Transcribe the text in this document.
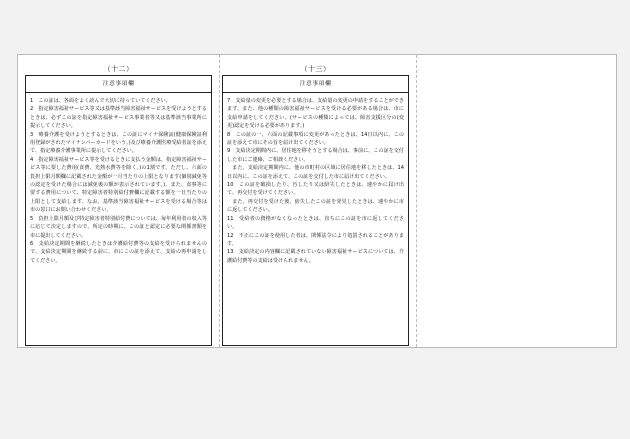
（十二）
注意事項欄

1　この証は、各面をよく読んで大切に持っていてください。

2　指定障害福祉サービス等又は基準該当障害福祉サービスを受けようとするときは、必ずこの証を指定障害福祉サービス事業者等又は基準該当事業所に提示してください。

3　療養介護を受けようとするときは、この証にマイナ保険証(健康保険証利用登録がされたマイナンバーカードをいう。)及び療養介護医療受給者証を添えて、指定療養介護事業所に提示してください。

4　指定障害福祉サービス等を受けるときに支払う金額は、指定障害福祉サービス等に要した費用(食費、光熱水費等を除く。)の1割です。ただし、六面の負担上限月額欄に記載された金額が一月当たりの上限となります(個別減免等の認定を受けた場合には減免後の額が表示されています。)。また、食事等に要する費用について、特定障害者特別給付費欄に記載する額を一日当たりの上限として支給します。なお、基準該当障害福祉サービスを受ける場合等は市の窓口にお問い合わせください。

5　負担上限月額及び特定障害者特別給付費については、毎年利用者の収入等に応じて決定しますので、所定の時期に、この証と認定に必要な関係書類を市に提出してください。

6　支給決定期間を継続したときは介護給付費等の支給を受けられませんので、支給決定期間を継続する前に、市にこの証を添えて、支給の再申請をしてください。

（十三）
注意事項欄

7　支給量の変更を必要とする場合は、支給量の変更の申請をすることができます。また、他の種類の障害福祉サービスを受ける必要がある場合は、市に支給申請をしてください。(サービスの種類によっては、障害支援区分の(変更)認定を受ける必要があります。)

8　この証の一、六面の記載事項に変更があったときは、14日以内に、この証を添えて市にその旨を届け出てください。

9　支給決定期間内に、居住地を移そうとする場合は、事前に、この証を交付した市にご連絡、ご相談ください。

　また、支給決定期間内に、他の市町村の区域に居住地を移したときは、14日以内に、この証を添えて、この証を交付した市に届け出てください。

10　この証を破損したり、汚したり又は紛失したときは、速やかに届け出て、再交付を受けてください。

　また、再交付を受けた後、紛失したこの証を発見したときは、速やかに市に返してください。

11　受給者の資格がなくなったときは、直ちにこの証を市に返してください。

12　不正にこの証を使用した者は、関係法令により処罰されることがあります。

13　支給決定の内容欄に記載されていない障害福祉サービスについては、介護給付費等の支給は受けられません。
